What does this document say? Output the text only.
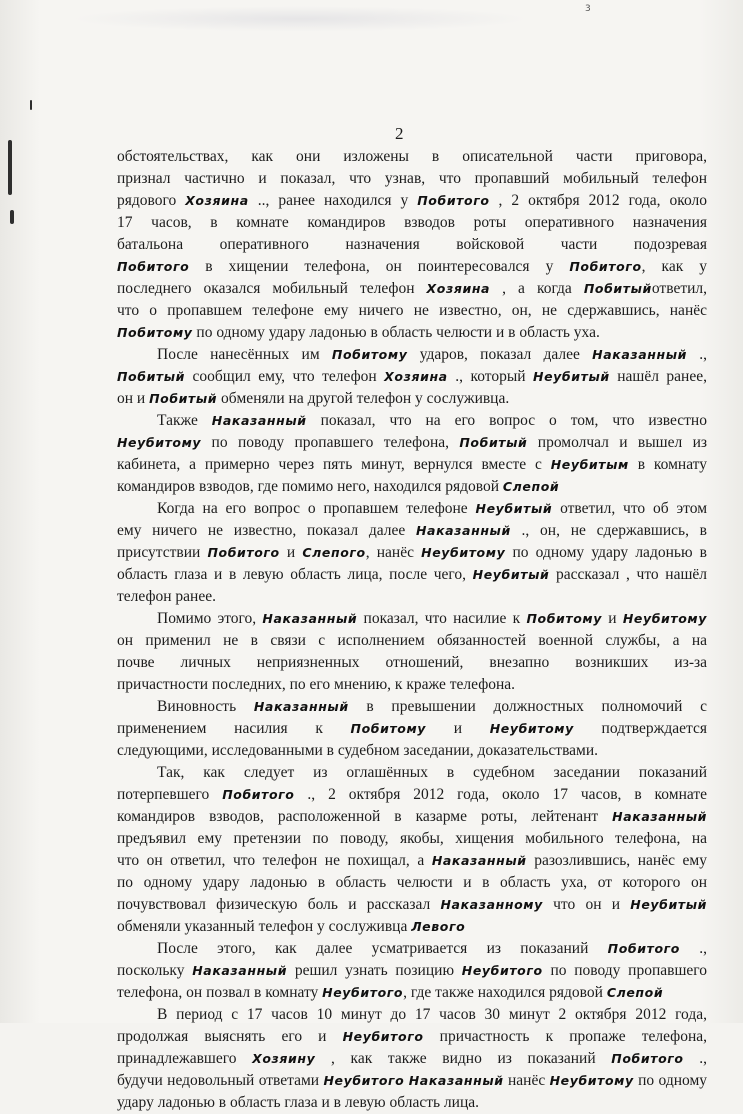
3
2
обстоятельствах, как они изложены в описательной части приговора,
признал частично и показал, что узнав, что пропавший мобильный телефон
рядового Хозяина .., ранее находился у Побитого , 2 октября 2012 года, около
17 часов, в комнате командиров взводов роты оперативного назначения
батальона оперативного назначения войсковой части подозревая
Побитого в хищении телефона, он поинтересовался у Побитого, как у
последнего оказался мобильный телефон Хозяина , а когда Побитыйответил,
что о пропавшем телефоне ему ничего не известно, он, не сдержавшись, нанёс
Побитому по одному удару ладонью в область челюсти и в область уха.
После нанесённых им Побитому ударов, показал далее Наказанный .,
Побитый сообщил ему, что телефон Хозяина ., который Неубитый нашёл ранее,
он и Побитый обменяли на другой телефон у сослуживца.
Также Наказанный показал, что на его вопрос о том, что известно
Неубитому по поводу пропавшего телефона, Побитый промолчал и вышел из
кабинета, а примерно через пять минут, вернулся вместе с Неубитым в комнату
командиров взводов, где помимо него, находился рядовой Слепой
Когда на его вопрос о пропавшем телефоне Неубитый ответил, что об этом
ему ничего не известно, показал далее Наказанный ., он, не сдержавшись, в
присутствии Побитого и Слепого, нанёс Неубитому по одному удару ладонью в
область глаза и в левую область лица, после чего, Неубитый рассказал , что нашёл
телефон ранее.
Помимо этого, Наказанный показал, что насилие к Побитому и Неубитому
он применил не в связи с исполнением обязанностей военной службы, а на
почве личных неприязненных отношений, внезапно возникших из-за
причастности последних, по его мнению, к краже телефона.
Виновность Наказанный в превышении должностных полномочий с
применением насилия к Побитому и Неубитому подтверждается
следующими, исследованными в судебном заседании, доказательствами.
Так, как следует из оглашённых в судебном заседании показаний
потерпевшего Побитого ., 2 октября 2012 года, около 17 часов, в комнате
командиров взводов, расположенной в казарме роты, лейтенант Наказанный
предъявил ему претензии по поводу, якобы, хищения мобильного телефона, на
что он ответил, что телефон не похищал, а Наказанный разозлившись, нанёс ему
по одному удару ладонью в область челюсти и в область уха, от которого он
почувствовал физическую боль и рассказал Наказанному что он и Неубитый
обменяли указанный телефон у сослуживца Левого
После этого, как далее усматривается из показаний Побитого .,
поскольку Наказанный решил узнать позицию Неубитого по поводу пропавшего
телефона, он позвал в комнату Неубитого, где также находился рядовой Слепой
В период с 17 часов 10 минут до 17 часов 30 минут 2 октября 2012 года,
продолжая выяснять его и Неубитого причастность к пропаже телефона,
принадлежавшего Хозяину , как также видно из показаний Побитого .,
будучи недовольный ответами Неубитого Наказанный нанёс Неубитому по одному
удару ладонью в область глаза и в левую область лица.
